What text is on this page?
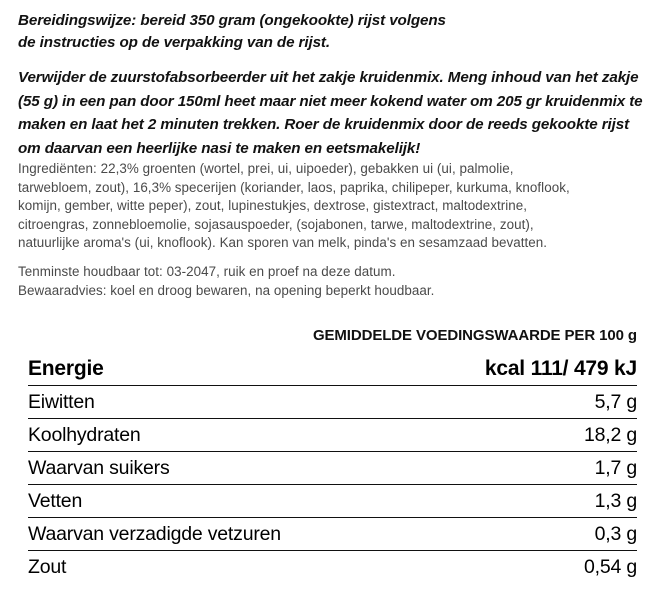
Bereidingswijze: bereid 350 gram (ongekookte) rijst volgens
de instructies op de verpakking van de rijst.
Verwijder de zuurstofabsorbeerder uit het zakje kruidenmix. Meng inhoud van het zakje (55 g) in een pan door 150ml heet maar niet meer kokend water om 205 gr kruidenmix te maken en laat het 2 minuten trekken. Roer de kruidenmix door de reeds gekookte rijst om daarvan een heerlijke nasi te maken en eetsmakelijk!
Ingrediënten: 22,3% groenten (wortel, prei, ui, uipoeder), gebakken ui (ui, palmolie,
tarwebloem, zout), 16,3% specerijen (koriander, laos, paprika, chilipeper, kurkuma, knoflook,
komijn, gember, witte peper), zout, lupinestukjes, dextrose, gistextract, maltodextrine,
citroengras, zonnebloemolie, sojasauspoeder, (sojabonen, tarwe, maltodextrine, zout),
natuurlijke aroma's (ui, knoflook). Kan sporen van melk, pinda's en sesamzaad bevatten.
Tenminste houdbaar tot: 03-2047, ruik en proef na deze datum.
Bewaaradvies: koel en droog bewaren, na opening beperkt houdbaar.
GEMIDDELDE VOEDINGSWAARDE PER 100 g
Energie	kcal 111/ 479 kJ
Eiwitten	5,7 g
Koolhydraten	18,2 g
Waarvan suikers	1,7 g
Vetten	1,3 g
Waarvan verzadigde vetzuren	0,3 g
Zout	0,54 g
